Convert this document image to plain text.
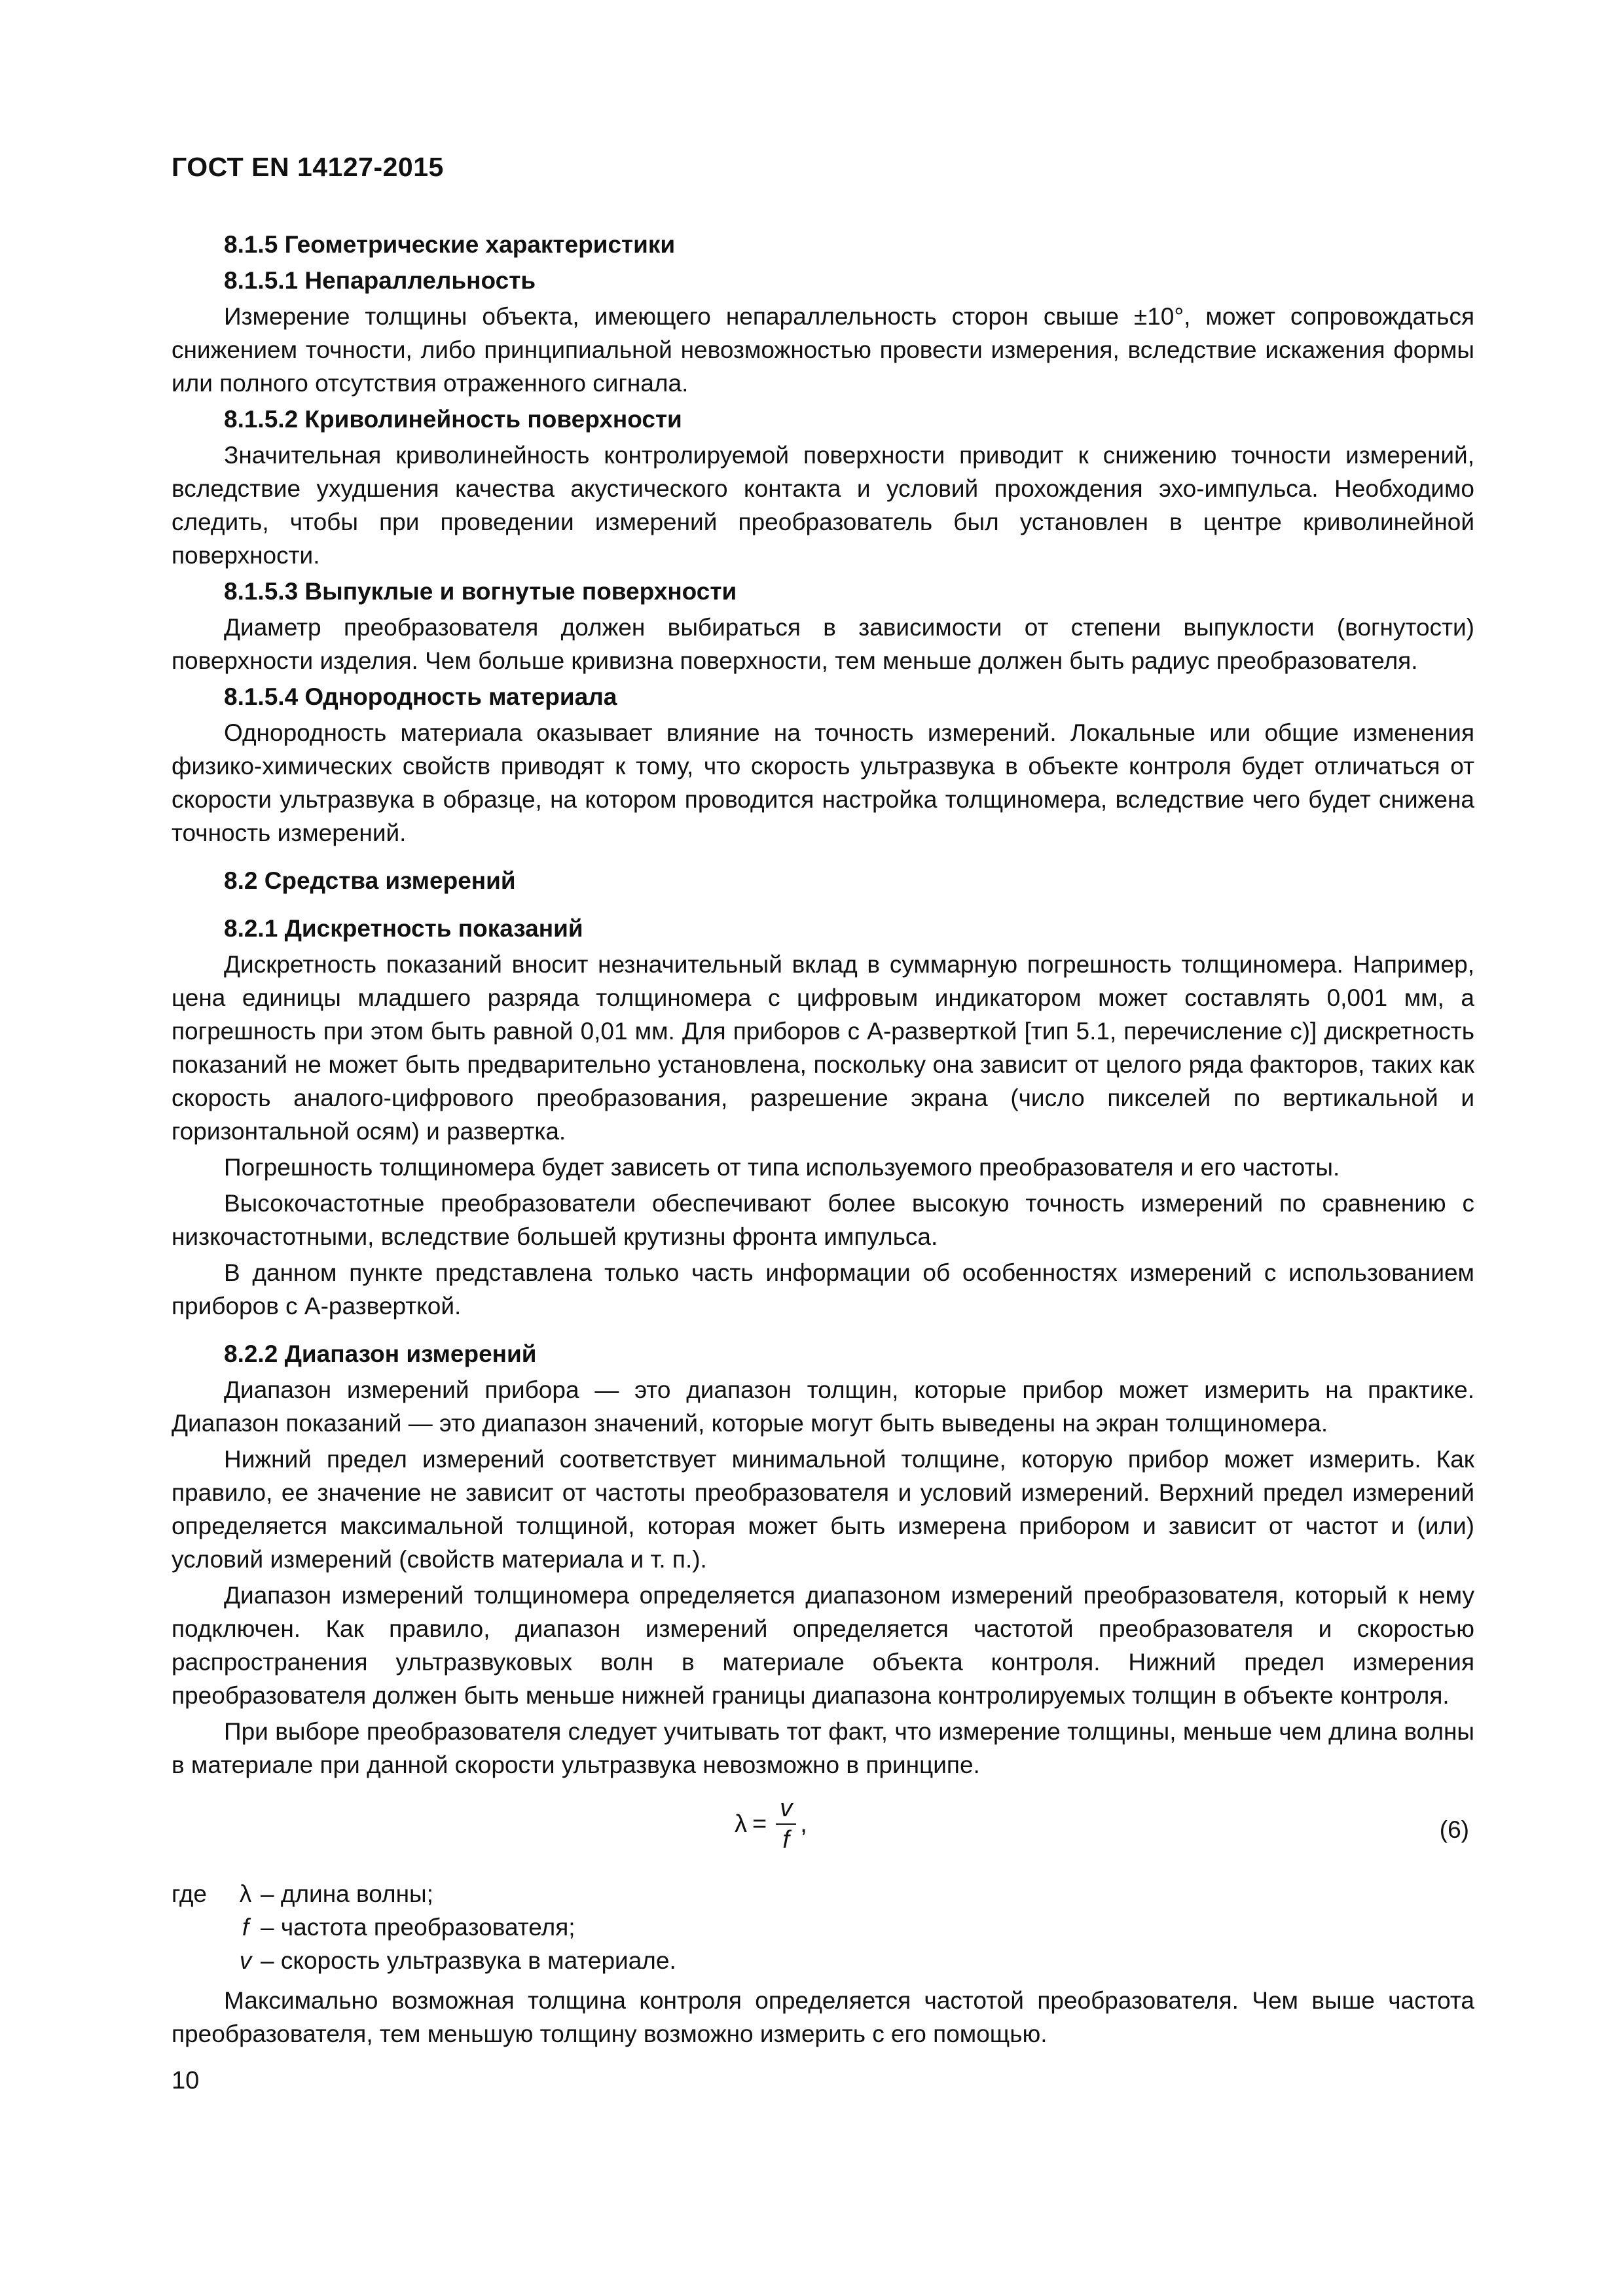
ГОСТ EN 14127-2015
8.1.5 Геометрические характеристики
8.1.5.1 Непараллельность

Измерение толщины объекта, имеющего непараллельность сторон свыше ±10°, может сопровождаться снижением точности, либо принципиальной невозможностью провести измерения, вследствие искажения формы или полного отсутствия отраженного сигнала.

8.1.5.2 Криволинейность поверхности

Значительная криволинейность контролируемой поверхности приводит к снижению точности измерений, вследствие ухудшения качества акустического контакта и условий прохождения эхо-импульса. Необходимо следить, чтобы при проведении измерений преобразователь был установлен в центре криволинейной поверхности.

8.1.5.3 Выпуклые и вогнутые поверхности

Диаметр преобразователя должен выбираться в зависимости от степени выпуклости (вогнутости) поверхности изделия. Чем больше кривизна поверхности, тем меньше должен быть радиус преобразователя.

8.1.5.4 Однородность материала

Однородность материала оказывает влияние на точность измерений. Локальные или общие изменения физико-химических свойств приводят к тому, что скорость ультразвука в объекте контроля будет отличаться от скорости ультразвука в образце, на котором проводится настройка толщиномера, вследствие чего будет снижена точность измерений.

8.2 Средства измерений
8.2.1 Дискретность показаний

Дискретность показаний вносит незначительный вклад в суммарную погрешность толщиномера. Например, цена единицы младшего разряда толщиномера с цифровым индикатором может составлять 0,001 мм, а погрешность при этом быть равной 0,01 мм. Для приборов с А-разверткой [тип 5.1, перечисление с)] дискретность показаний не может быть предварительно установлена, поскольку она зависит от целого ряда факторов, таких как скорость аналого-цифрового преобразования, разрешение экрана (число пикселей по вертикальной и горизонтальной осям) и развертка.

Погрешность толщиномера будет зависеть от типа используемого преобразователя и его частоты.

Высокочастотные преобразователи обеспечивают более высокую точность измерений по сравнению с низкочастотными, вследствие большей крутизны фронта импульса.

В данном пункте представлена только часть информации об особенностях измерений с использованием приборов с А-разверткой.

8.2.2 Диапазон измерений

Диапазон измерений прибора — это диапазон толщин, которые прибор может измерить на практике. Диапазон показаний — это диапазон значений, которые могут быть выведены на экран толщиномера.

Нижний предел измерений соответствует минимальной толщине, которую прибор может измерить. Как правило, ее значение не зависит от частоты преобразователя и условий измерений. Верхний предел измерений определяется максимальной толщиной, которая может быть измерена прибором и зависит от частот и (или) условий измерений (свойств материала и т. п.).

Диапазон измерений толщиномера определяется диапазоном измерений преобразователя, который к нему подключен. Как правило, диапазон измерений определяется частотой преобразователя и скоростью распространения ультразвуковых волн в материале объекта контроля. Нижний предел измерения преобразователя должен быть меньше нижней границы диапазона контролируемых толщин в объекте контроля.

При выборе преобразователя следует учитывать тот факт, что измерение толщины, меньше чем длина волны в материале при данной скорости ультразвука невозможно в принципе.

$\lambda = \frac{v}{f}$ ,	(6)
где	λ – длина волны;
f – частота преобразователя;
v – скорость ультразвука в материале.

Максимально возможная толщина контроля определяется частотой преобразователя. Чем выше частота преобразователя, тем меньшую толщину возможно измерить с его помощью.

10
